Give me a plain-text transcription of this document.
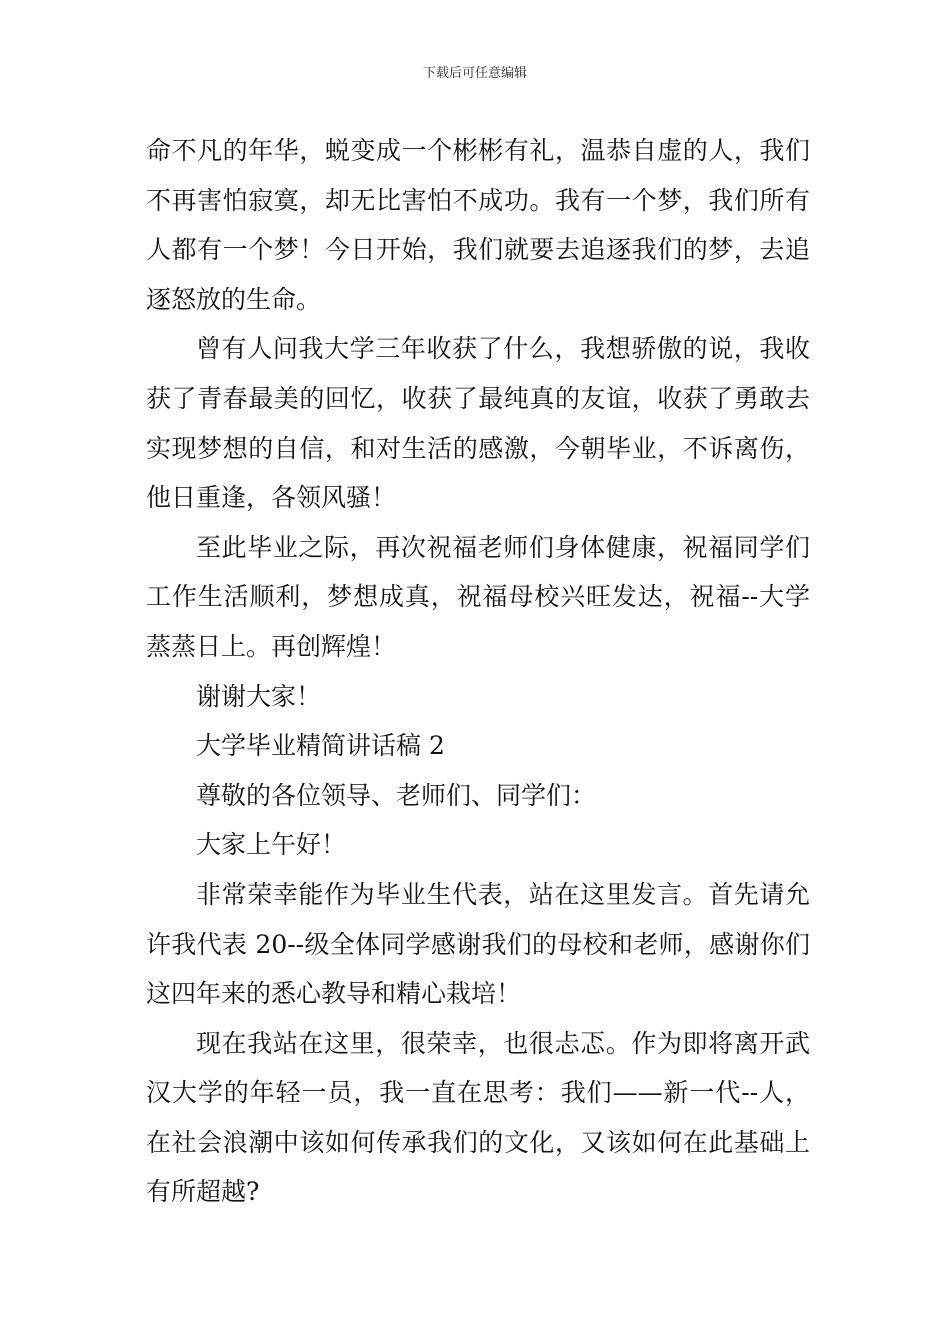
下载后可任意编辑

命不凡的年华，蜕变成一个彬彬有礼，温恭自虚的人，我们不再害怕寂寞，却无比害怕不成功。我有一个梦，我们所有人都有一个梦！今日开始，我们就要去追逐我们的梦，去追逐怒放的生命。

曾有人问我大学三年收获了什么，我想骄傲的说，我收获了青春最美的回忆，收获了最纯真的友谊，收获了勇敢去实现梦想的自信，和对生活的感激，今朝毕业，不诉离伤，他日重逢，各领风骚！

至此毕业之际，再次祝福老师们身体健康，祝福同学们工作生活顺利，梦想成真，祝福母校兴旺发达，祝福--大学蒸蒸日上。再创辉煌！

谢谢大家！

大学毕业精简讲话稿 2

尊敬的各位领导、老师们、同学们：

大家上午好！

非常荣幸能作为毕业生代表，站在这里发言。首先请允许我代表 20--级全体同学感谢我们的母校和老师，感谢你们这四年来的悉心教导和精心栽培！

现在我站在这里，很荣幸，也很忐忑。作为即将离开武汉大学的年轻一员，我一直在思考：我们——新一代--人，在社会浪潮中该如何传承我们的文化，又该如何在此基础上有所超越?
